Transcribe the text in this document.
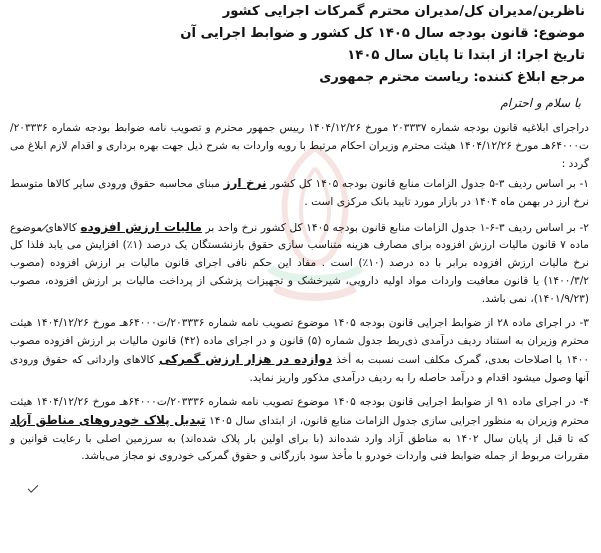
ناظرین/مدیران کل/مدیران محترم گمرکات اجرایی کشور
موضوع: قانون بودجه سال ۱۴۰۵ کل کشور و ضوابط اجرایی آن
تاریخ اجرا: از ابتدا تا پایان سال ۱۴۰۵
مرجع ابلاغ کننده: ریاست محترم جمهوری
با سلام و احترام

دراجرای ابلاغیه قانون بودجه شماره ۲۰۳۳۳۷ مورخ ۱۴۰۴/۱۲/۲۶ رییس جمهور محترم و تصویب نامه ضوابط بودجه شماره ۲۰۳۳۳۶/ت۶۴۰۰۰هـ مورخ ۱۴۰۴/۱۲/۲۶ هیئت محترم وزیران احکام مرتبط با رویه واردات به شرح ذیل جهت بهره برداری و اقدام لازم ابلاغ می گردد :

۱- بر اساس ردیف ۳-۵ جدول الزامات منابع قانون بودجه ۱۴۰۵ کل کشور نرخ ارز مبنای محاسبه حقوق ورودی سایر کالاها متوسط نرخ ارز در بهمن ماه ۱۴۰۴ در بازار مورد تایید بانک مرکزی است .

۲- بر اساس ردیف ۳-۶-۱ جدول الزامات منابع قانون بودجه ۱۴۰۵ کل کشور نرخ واحد بر مالیات ارزش افزوده کالاهای موضوع ماده ۷ قانون مالیات ارزش افزوده برای مصارف هزینه متناسب سازی حقوق بازنشستگان یک درصد (۱٪) افزایش می یابد فلذا کل نرخ مالیات ارزش افزوده برابر با ده درصد (۱۰٪) است . مفاد این حکم نافی اجرای قانون مالیات بر ارزش افزوده (مصوب ۱۴۰۰/۳/۲) یا قانون معافیت واردات مواد اولیه دارویی، شیرخشک و تجهیزات پزشکی از پرداخت مالیات بر ارزش افزوده، مصوب (۱۴۰۱/۹/۲۳)، نمی باشد.

۳- در اجرای ماده ۲۸ از ضوابط اجرایی قانون بودجه ۱۴۰۵ موضوع تصویب نامه شماره ۲۰۳۳۳۶/ت۶۴۰۰۰هـ مورخ ۱۴۰۴/۱۲/۲۶ هیئت محترم وزیران به استناد ردیف درآمدی ذی‌ربط جدول شماره (۵) قانون و در اجرای ماده (۴۲) قانون مالیات بر ارزش افزوده مصوب ۱۴۰۰ با اصلاحات بعدی، گمرک مکلف است نسبت به أخذ دوازده در هزار ارزش گمرکی کالاهای وارداتی که حقوق ورودی آنها وصول میشود اقدام و درآمد حاصله را به ردیف درآمدی مذکور واریز نماید.

۴- در اجرای ماده ۹۱ از ضوابط اجرایی قانون بودجه ۱۴۰۵ موضوع تصویب نامه شماره ۲۰۳۳۳۶/ت۶۴۰۰۰هـ مورخ ۱۴۰۴/۱۲/۲۶ هیئت محترم وزیران به منظور اجرایی سازی جدول الزامات منابع قانون، از ابتدای سال ۱۴۰۵ تبدیل پلاک خودروهای مناطق آزاد که تا قبل از پایان سال ۱۴۰۲ به مناطق آزاد وارد شده‌اند (با برای اولین بار پلاک شده‌اند) به سرزمین اصلی با رعایت قوانین و مقررات مربوط از جمله ضوابط فنی واردات خودرو با مأخذ سود بازرگانی و حقوق گمرکی خودروی نو مجاز می‌باشد.
